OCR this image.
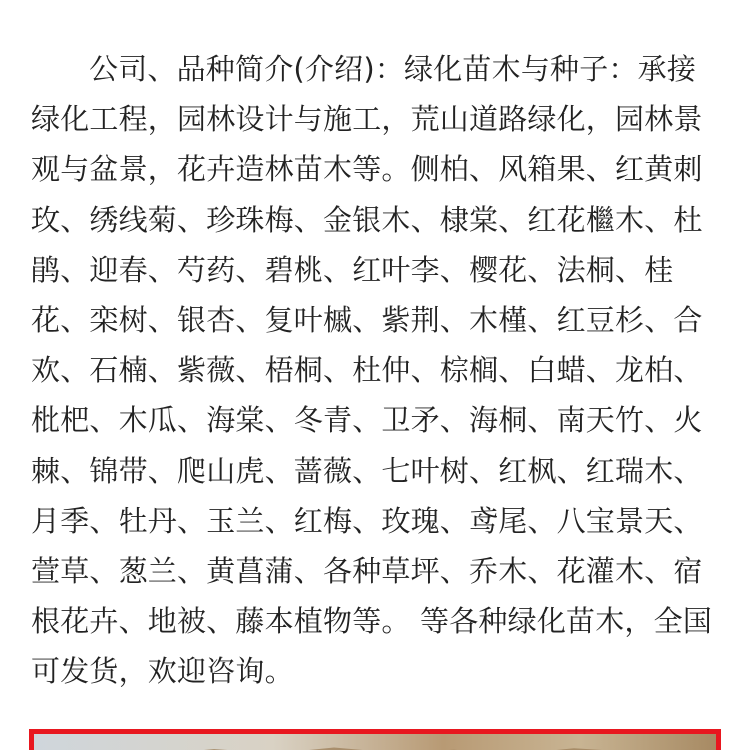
公司、品种简介(介绍)：绿化苗木与种子：承接绿化工程，园林设计与施工，荒山道路绿化，园林景观与盆景，花卉造林苗木等。侧柏、风箱果、红黄刺玫、绣线菊、珍珠梅、金银木、棣棠、红花檵木、杜鹃、迎春、芍药、碧桃、红叶李、樱花、法桐、桂花、栾树、银杏、复叶槭、紫荆、木槿、红豆杉、合欢、石楠、紫薇、梧桐、杜仲、棕榈、白蜡、龙柏、枇杷、木瓜、海棠、冬青、卫矛、海桐、南天竹、火棘、锦带、爬山虎、蔷薇、七叶树、红枫、红瑞木、月季、牡丹、玉兰、红梅、玫瑰、鸢尾、八宝景天、萱草、葱兰、黄菖蒲、各种草坪、乔木、花灌木、宿根花卉、地被、藤本植物等。 等各种绿化苗木，全国可发货，欢迎咨询。
